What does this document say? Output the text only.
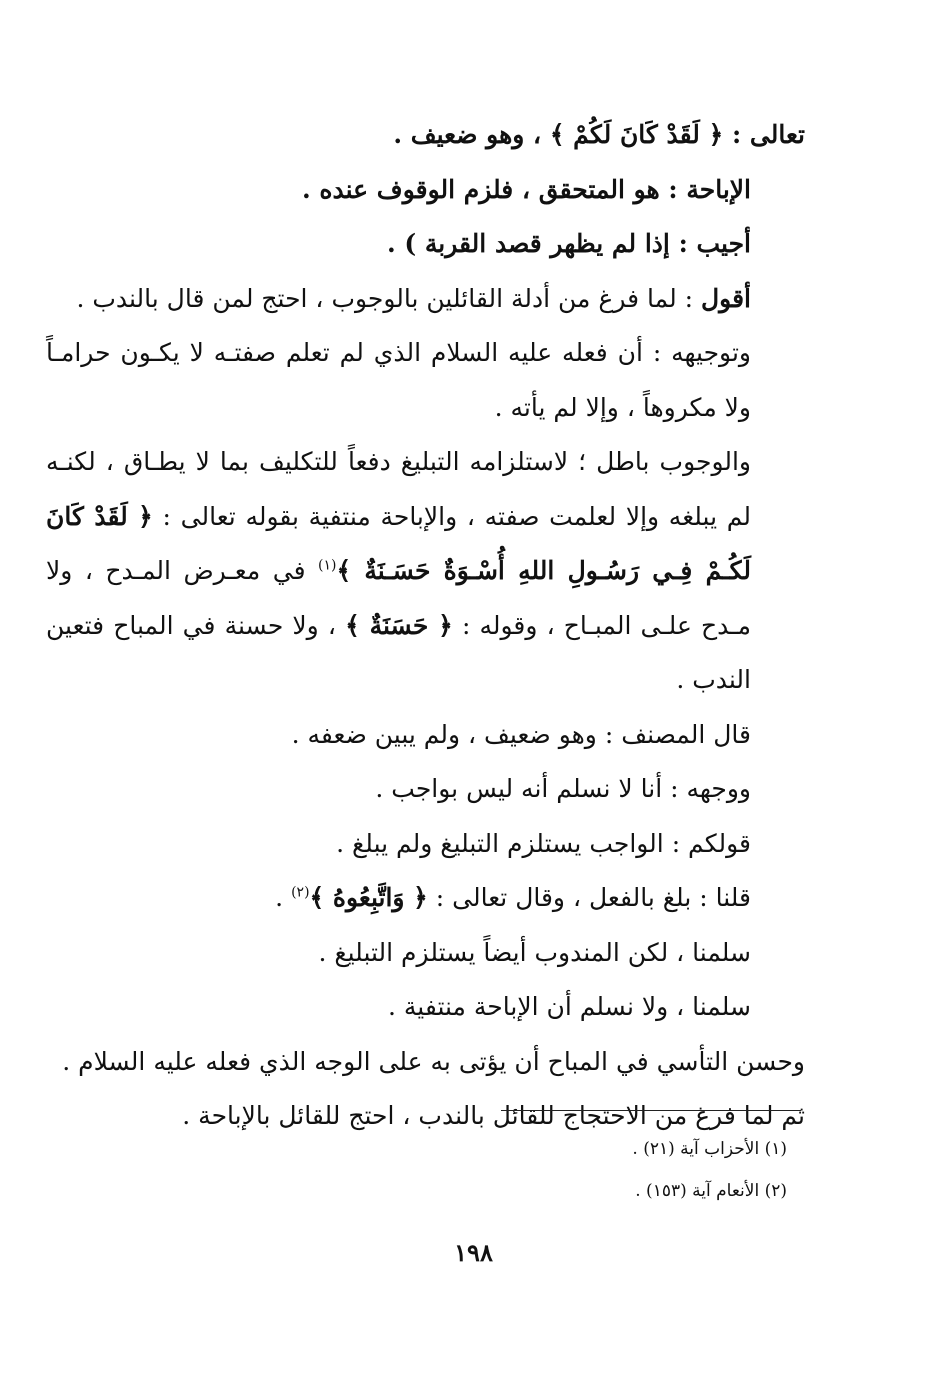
تعالى : ﴿ لَقَدْ كَانَ لَكُمْ ﴾ ، وهو ضعيف .

الإباحة : هو المتحقق ، فلزم الوقوف عنده .

أجيب : إذا لم يظهر قصد القربة ) .

أقول : لما فرغ من أدلة القائلين بالوجوب ، احتج لمن قال بالندب .

وتوجيهه : أن فعله عليه السلام الذي لم تعلم صفتـه لا يكـون حرامـاً ولا مكروهاً ، وإلا لم يأته .

والوجوب باطل ؛ لاستلزامه التبليغ دفعاً للتكليف بما لا يطـاق ، لكنـه لم يبلغه وإلا لعلمت صفته ، والإباحة منتفية بقوله تعالى : ﴿ لَقَدْ كَانَ لَكُـمْ فِـي رَسُـولِ اللهِ أُسْـوَةٌ حَسَـنَةٌ ﴾$^{(١)}$ في معـرض المـدح ، ولا مـدح علـى المبـاح ، وقوله : ﴿ حَسَنَةٌ ﴾ ، ولا حسنة في المباح فتعين الندب .

قال المصنف : وهو ضعيف ، ولم يبين ضعفه .

ووجهه : أنا لا نسلم أنه ليس بواجب .

قولكم : الواجب يستلزم التبليغ ولم يبلغ .

قلنا : بلغ بالفعل ، وقال تعالى : ﴿ وَاتَّبِعُوهُ ﴾$^{(٢)}$ .

سلمنا ، لكن المندوب أيضاً يستلزم التبليغ .

سلمنا ، ولا نسلم أن الإباحة منتفية .

وحسن التأسي في المباح أن يؤتى به على الوجه الذي فعله عليه السلام .

ثم لما فرغ من الاحتجاج للقائل بالندب ، احتج للقائل بالإباحة .

(١) الأحزاب آية (٢١) .

(٢) الأنعام آية (١٥٣) .

١٩٨
